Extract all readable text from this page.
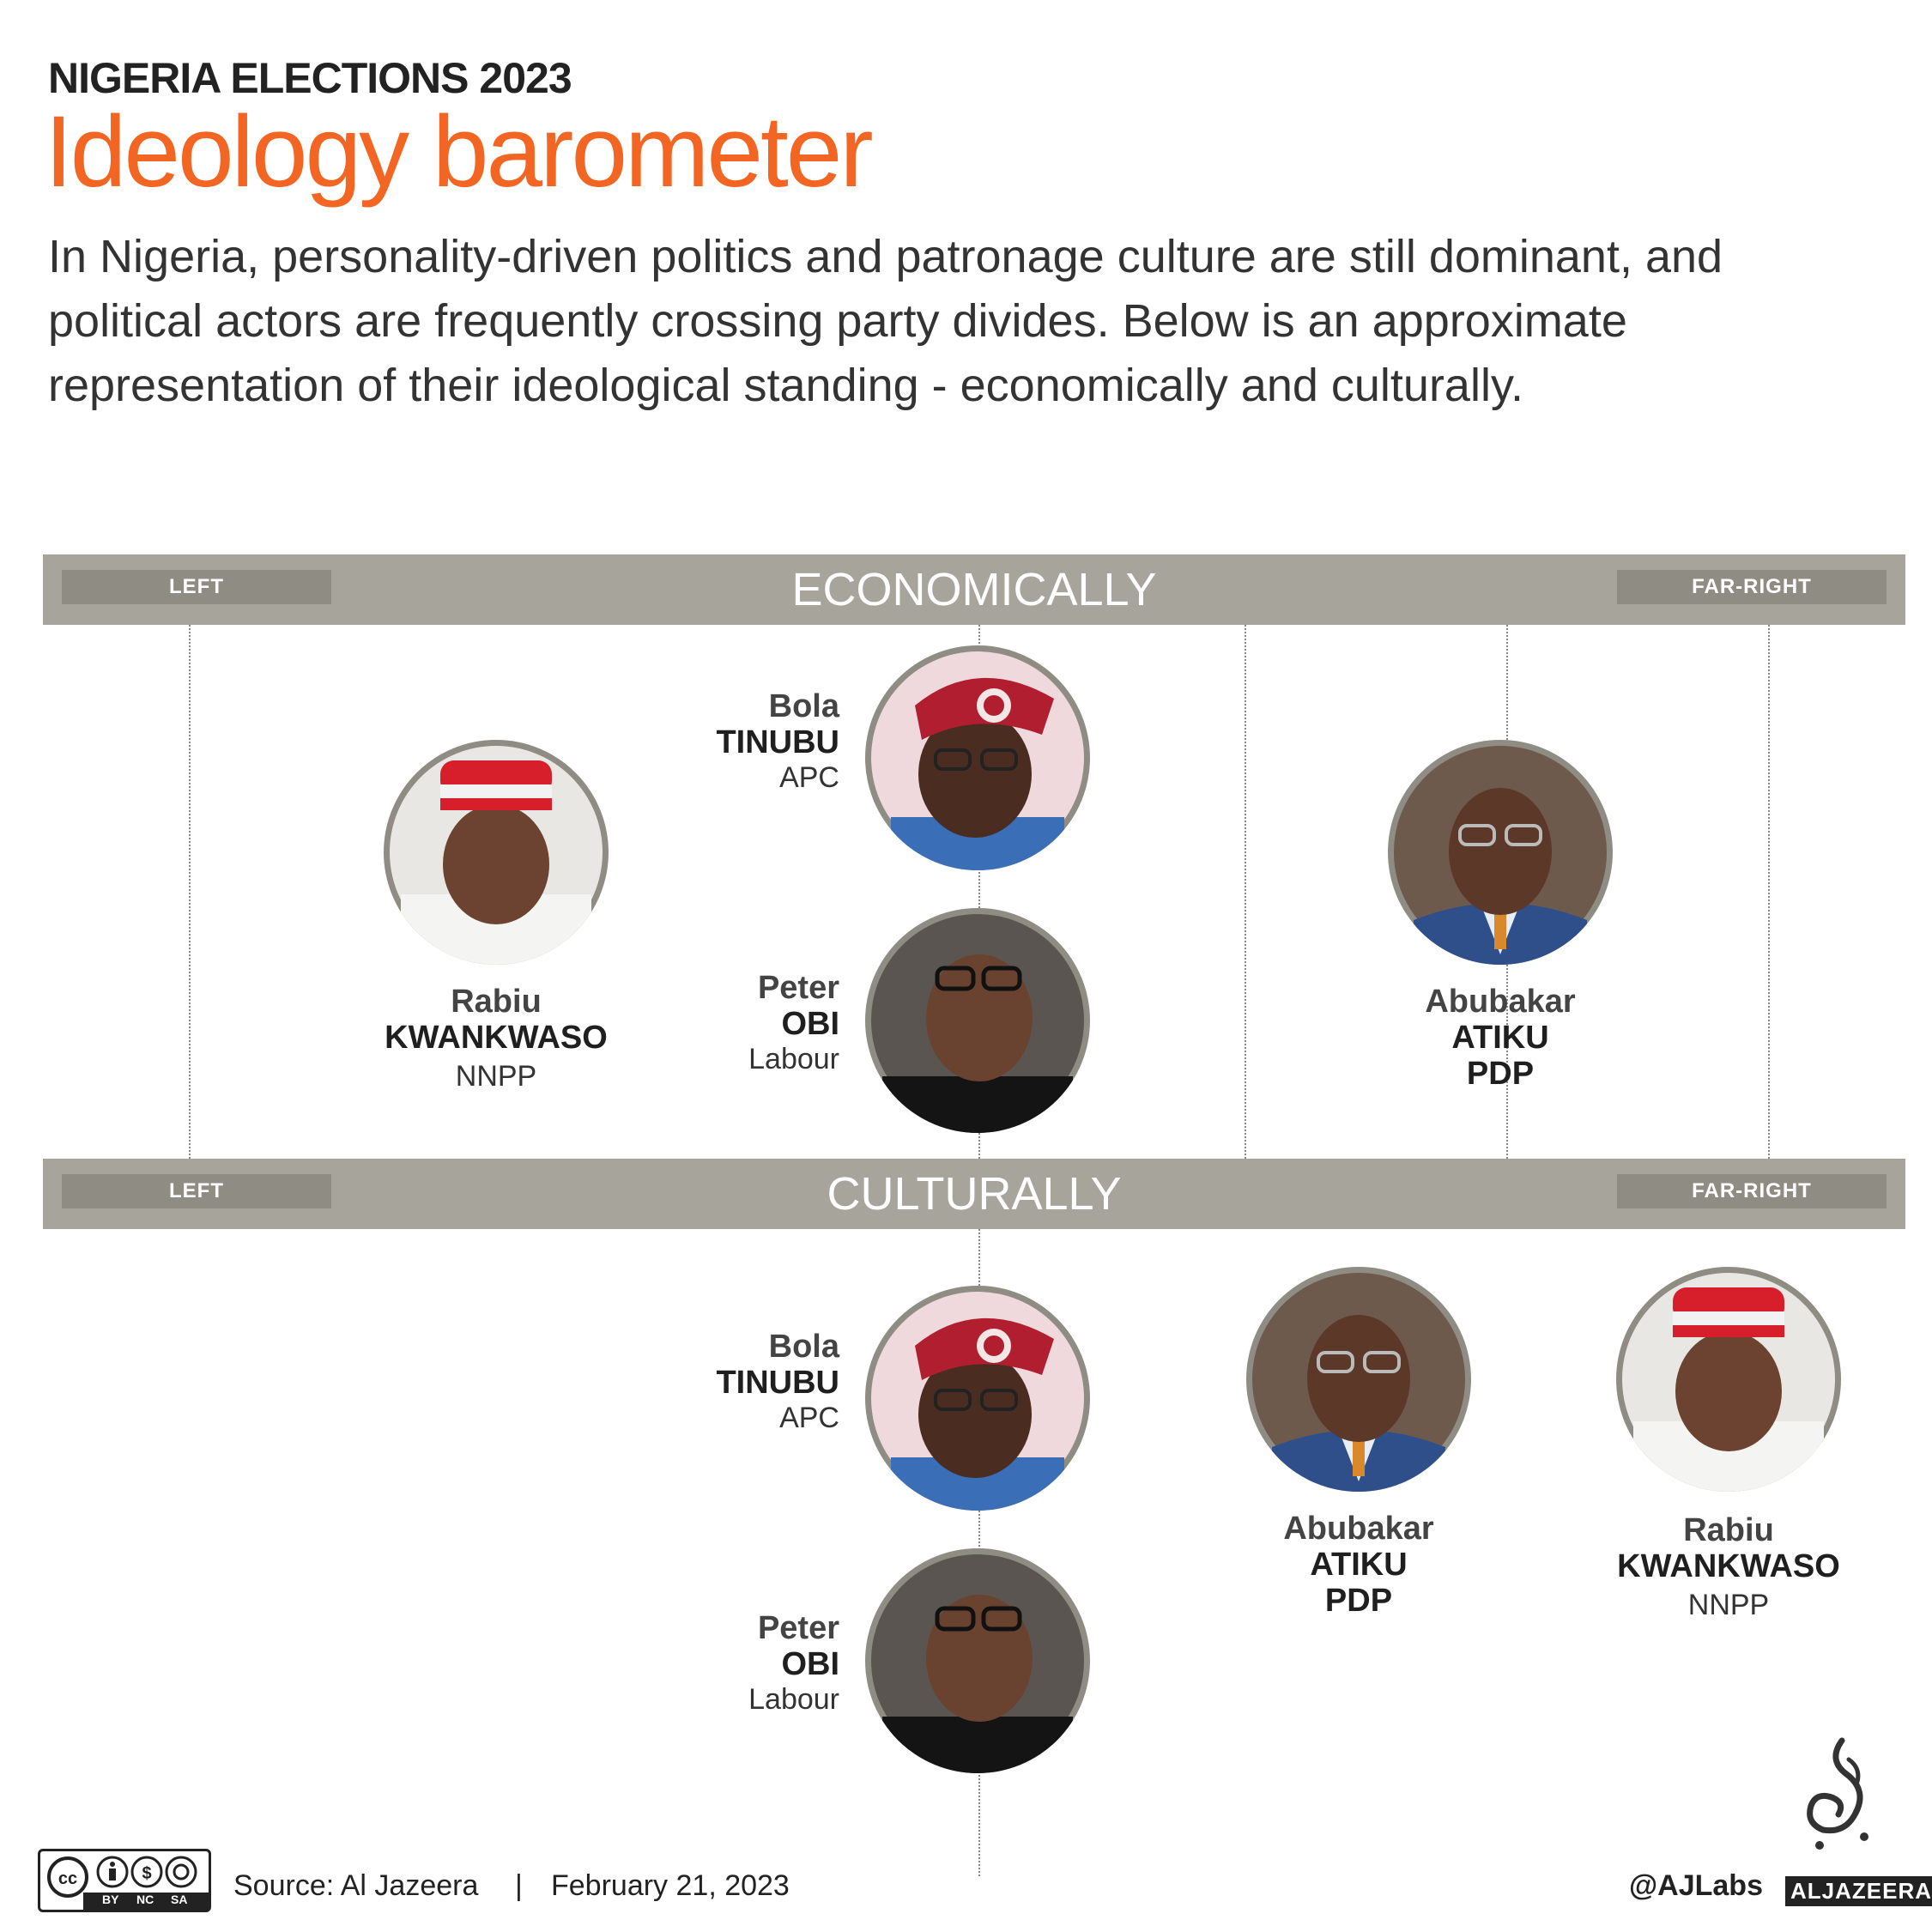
NIGERIA ELECTIONS 2023
Ideology barometer
In Nigeria, personality-driven politics and patronage culture are still dominant, and political actors are frequently crossing party divides. Below is an approximate representation of their ideological standing - economically and culturally.
LEFT	ECONOMICALLY	FAR-RIGHT
LEFT	CULTURALLY	FAR-RIGHT
Rabiu
KWANKWASO
NNPP
Bola
TINUBU
APC
Peter
OBI
Labour
Abubakar
ATIKU
PDP
Bola
TINUBU
APC
Peter
OBI
Labour
Abubakar
ATIKU
PDP
Rabiu
KWANKWASO
NNPP
cc	$
BY NC SA Source: Al Jazeera | February 21, 2023	@AJLabs ALJAZEERA
